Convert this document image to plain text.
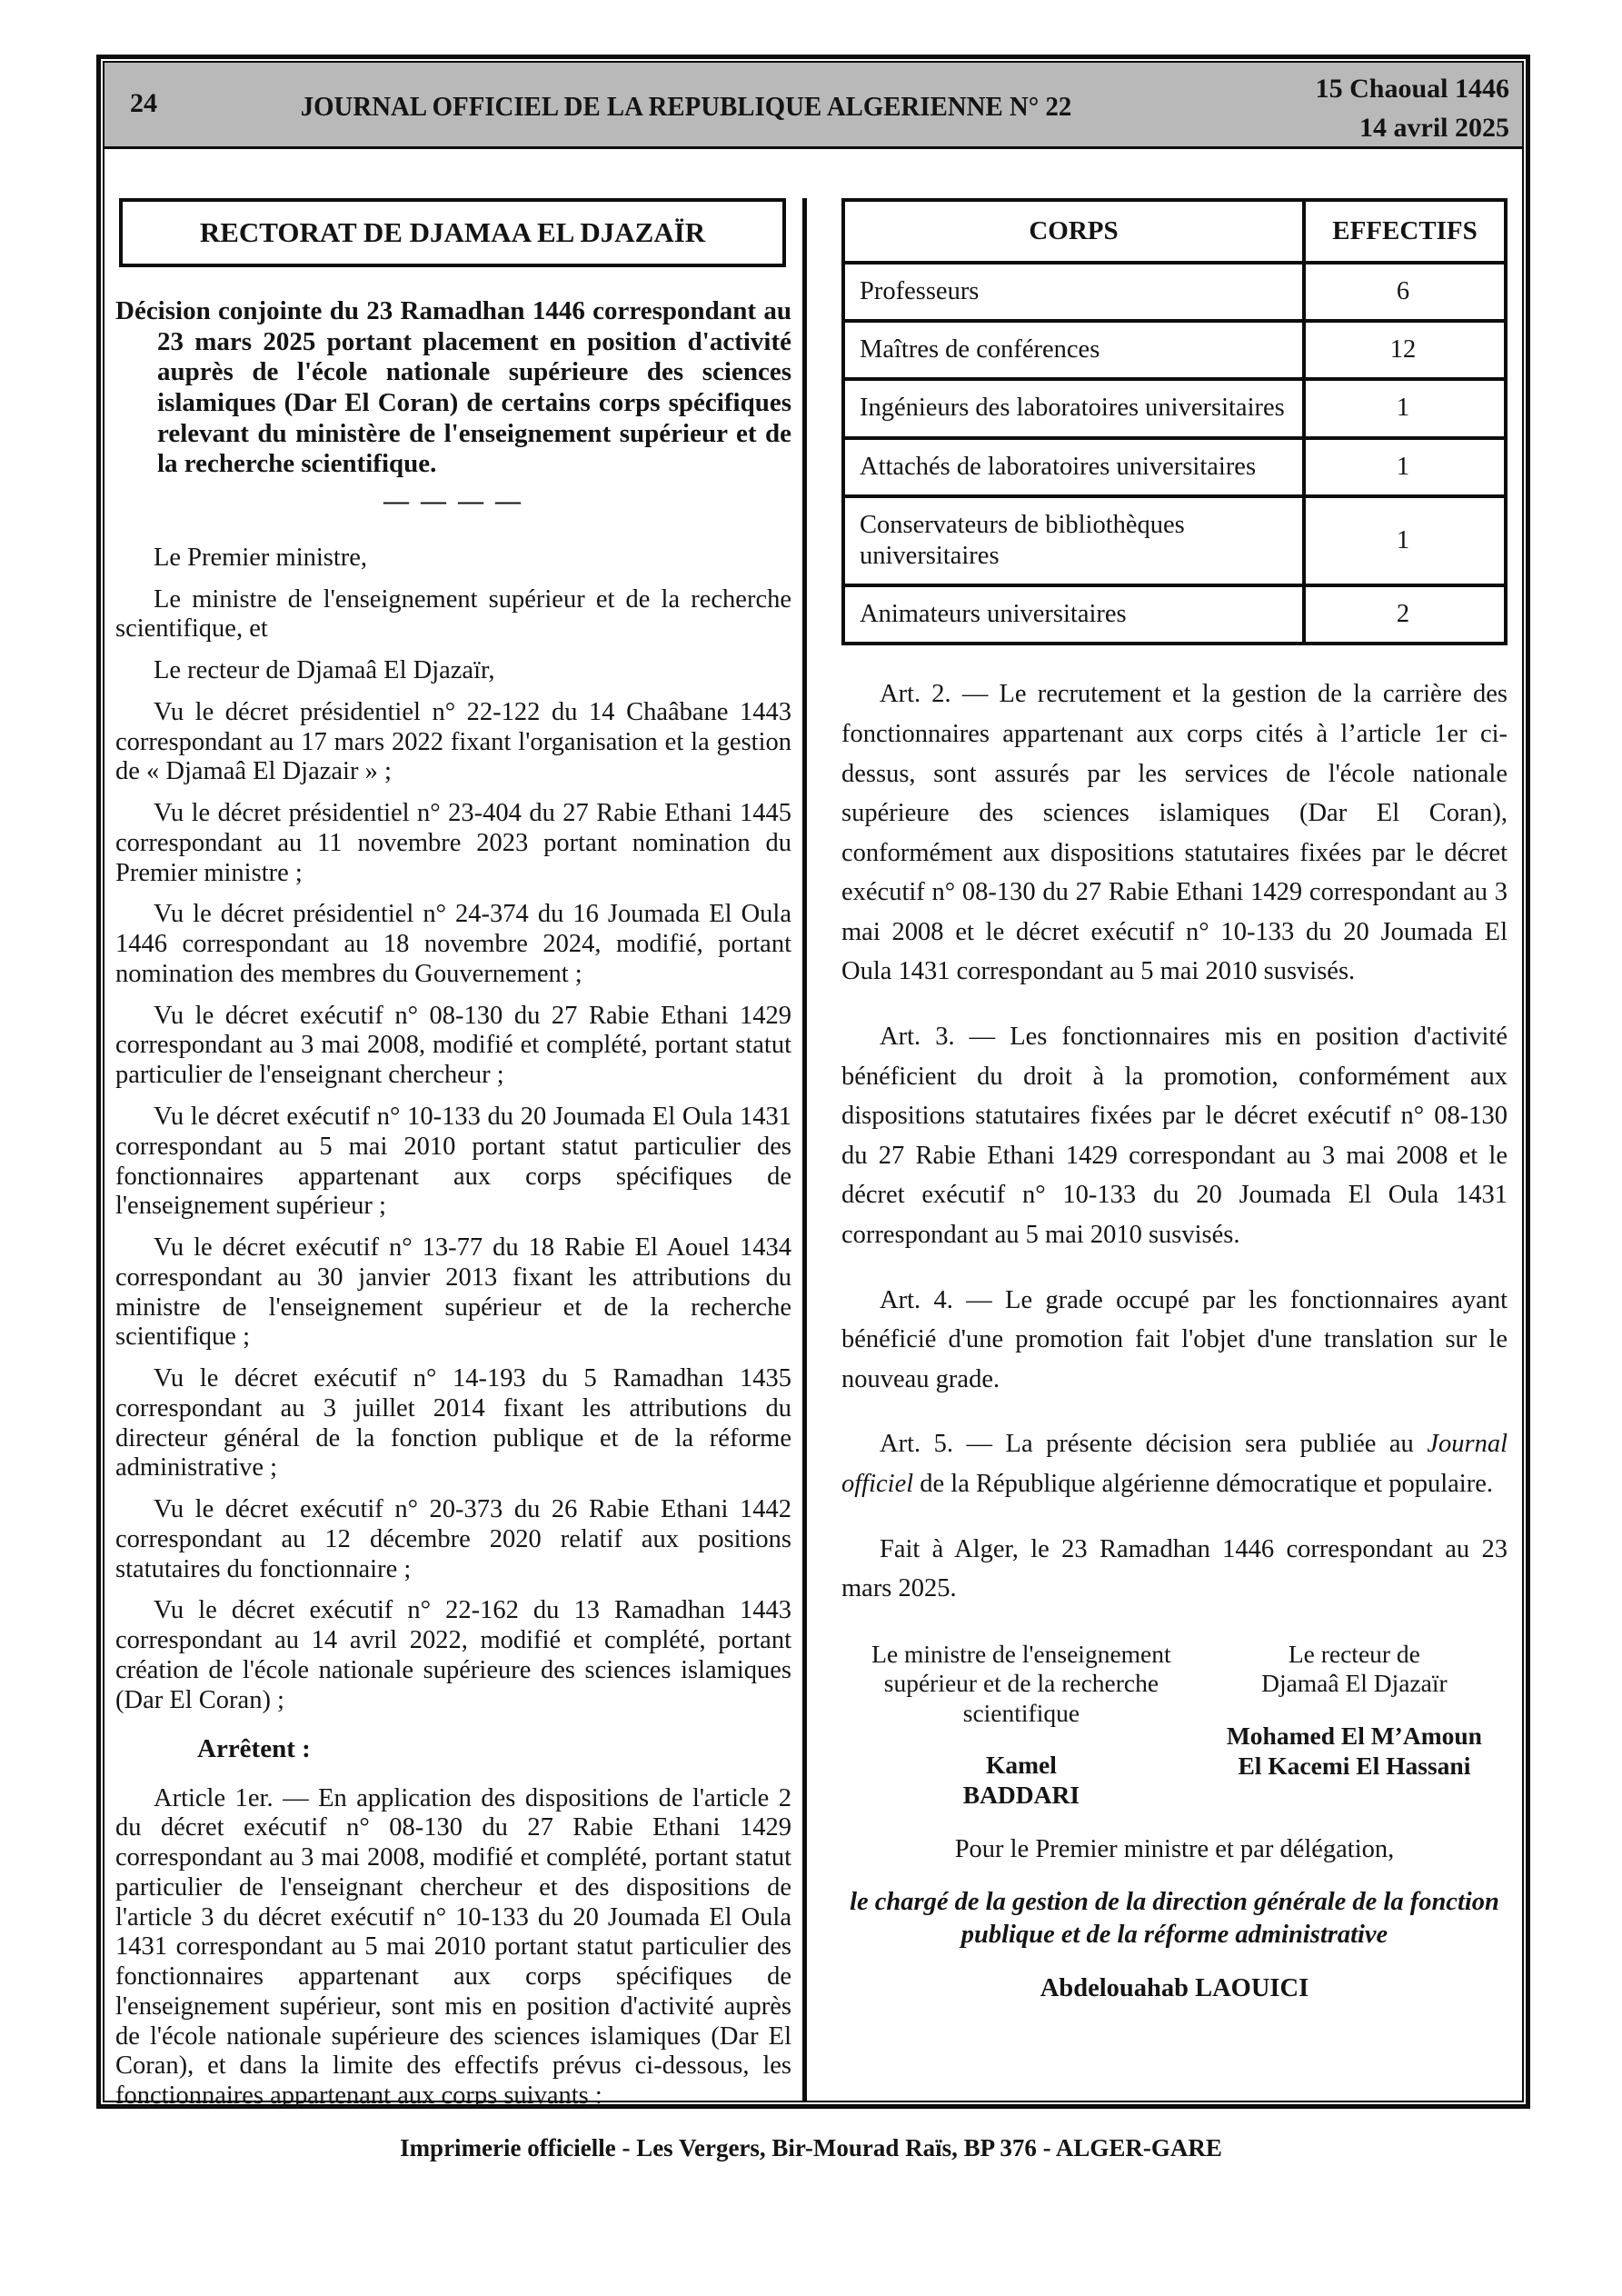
24	JOURNAL OFFICIEL DE LA REPUBLIQUE ALGERIENNE N° 22
15 Chaoual 1446
14 avril 2025
RECTORAT DE DJAMAA EL DJAZAÏR

Décision conjointe du 23 Ramadhan 1446 correspondant au 23 mars 2025 portant placement en position d'activité auprès de l'école nationale supérieure des sciences islamiques (Dar El Coran) de certains corps spécifiques relevant du ministère de l'enseignement supérieur et de la recherche scientifique.

— — — —

Le Premier ministre,

Le ministre de l'enseignement supérieur et de la recherche scientifique, et

Le recteur de Djamaâ El Djazaïr,

Vu le décret présidentiel n° 22-122 du 14 Chaâbane 1443 correspondant au 17 mars 2022 fixant l'organisation et la gestion de « Djamaâ El Djazair » ;

Vu le décret présidentiel n° 23-404 du 27 Rabie Ethani 1445 correspondant au 11 novembre 2023 portant nomination du Premier ministre ;

Vu le décret présidentiel n° 24-374 du 16 Joumada El Oula 1446 correspondant au 18 novembre 2024, modifié, portant nomination des membres du Gouvernement ;

Vu le décret exécutif n° 08-130 du 27 Rabie Ethani 1429 correspondant au 3 mai 2008, modifié et complété, portant statut particulier de l'enseignant chercheur ;

Vu le décret exécutif n° 10-133 du 20 Joumada El Oula 1431 correspondant au 5 mai 2010 portant statut particulier des fonctionnaires appartenant aux corps spécifiques de l'enseignement supérieur ;

Vu le décret exécutif n° 13-77 du 18 Rabie El Aouel 1434 correspondant au 30 janvier 2013 fixant les attributions du ministre de l'enseignement supérieur et de la recherche scientifique ;

Vu le décret exécutif n° 14-193 du 5 Ramadhan 1435 correspondant au 3 juillet 2014 fixant les attributions du directeur général de la fonction publique et de la réforme administrative ;

Vu le décret exécutif n° 20-373 du 26 Rabie Ethani 1442 correspondant au 12 décembre 2020 relatif aux positions statutaires du fonctionnaire ;

Vu le décret exécutif n° 22-162 du 13 Ramadhan 1443 correspondant au 14 avril 2022, modifié et complété, portant création de l'école nationale supérieure des sciences islamiques (Dar El Coran) ;

Arrêtent :

Article 1er. — En application des dispositions de l'article 2 du décret exécutif n° 08-130 du 27 Rabie Ethani 1429 correspondant au 3 mai 2008, modifié et complété, portant statut particulier de l'enseignant chercheur et des dispositions de l'article 3 du décret exécutif n° 10-133 du 20 Joumada El Oula 1431 correspondant au 5 mai 2010 portant statut particulier des fonctionnaires appartenant aux corps spécifiques de l'enseignement supérieur, sont mis en position d'activité auprès de l'école nationale supérieure des sciences islamiques (Dar El Coran), et dans la limite des effectifs prévus ci-dessous, les fonctionnaires appartenant aux corps suivants :

CORPS	EFFECTIFS
Professeurs	6
Maîtres de conférences	12
Ingénieurs des laboratoires universitaires	1
Attachés de laboratoires universitaires	1
Conservateurs de bibliothèques universitaires	1
Animateurs universitaires	2

Art. 2. — Le recrutement et la gestion de la carrière des fonctionnaires appartenant aux corps cités à l’article 1er ci-dessus, sont assurés par les services de l'école nationale supérieure des sciences islamiques (Dar El Coran), conformément aux dispositions statutaires fixées par le décret exécutif n° 08-130 du 27 Rabie Ethani 1429 correspondant au 3 mai 2008 et le décret exécutif n° 10-133 du 20 Joumada El Oula 1431 correspondant au 5 mai 2010 susvisés.

Art. 3. — Les fonctionnaires mis en position d'activité bénéficient du droit à la promotion, conformément aux dispositions statutaires fixées par le décret exécutif n° 08-130 du 27 Rabie Ethani 1429 correspondant au 3 mai 2008 et le décret exécutif n° 10-133 du 20 Joumada El Oula 1431 correspondant au 5 mai 2010 susvisés.

Art. 4. — Le grade occupé par les fonctionnaires ayant bénéficié d'une promotion fait l'objet d'une translation sur le nouveau grade.

Art. 5. — La présente décision sera publiée au Journal officiel de la République algérienne démocratique et populaire.

Fait à Alger, le 23 Ramadhan 1446 correspondant au 23 mars 2025.

Le ministre de l'enseignement supérieur et de la recherche scientifique
Kamel
BADDARI
Le recteur de
Djamaâ El Djazaïr
Mohamed El M’Amoun
El Kacemi El Hassani
Pour le Premier ministre et par délégation,
le chargé de la gestion de la direction générale de la fonction publique et de la réforme administrative
Abdelouahab LAOUICI
Imprimerie officielle - Les Vergers, Bir-Mourad Raïs, BP 376 - ALGER-GARE
